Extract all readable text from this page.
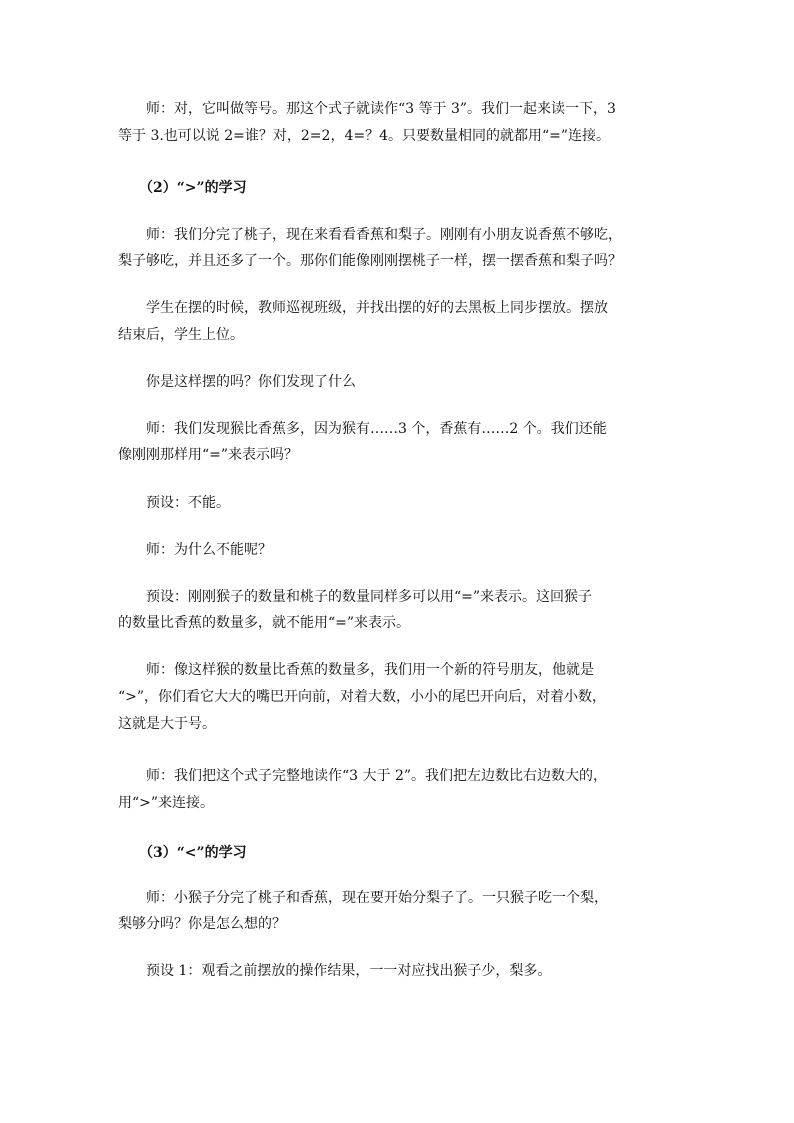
　　师：对，它叫做等号。那这个式子就读作“3 等于 3”。我们一起来读一下，3
等于 3.也可以说 2=谁？对，2=2，4=？4。只要数量相同的就都用“=”连接。

　　（2）“>”的学习

　　师：我们分完了桃子，现在来看看香蕉和梨子。刚刚有小朋友说香蕉不够吃，
梨子够吃，并且还多了一个。那你们能像刚刚摆桃子一样，摆一摆香蕉和梨子吗？

　　学生在摆的时候，教师巡视班级，并找出摆的好的去黑板上同步摆放。摆放
结束后，学生上位。

　　你是这样摆的吗？你们发现了什么

　　师：我们发现猴比香蕉多，因为猴有……3 个，香蕉有……2 个。我们还能
像刚刚那样用“=”来表示吗？

　　预设：不能。

　　师：为什么不能呢？

　　预设：刚刚猴子的数量和桃子的数量同样多可以用“=”来表示。这回猴子
的数量比香蕉的数量多，就不能用“=”来表示。

　　师：像这样猴的数量比香蕉的数量多，我们用一个新的符号朋友，他就是
“>”，你们看它大大的嘴巴开向前，对着大数，小小的尾巴开向后，对着小数，
这就是大于号。

　　师：我们把这个式子完整地读作“3 大于 2”。我们把左边数比右边数大的，
用“>”来连接。

　　（3）“<”的学习

　　师：小猴子分完了桃子和香蕉，现在要开始分梨子了。一只猴子吃一个梨，
梨够分吗？你是怎么想的？

　　预设 1：观看之前摆放的操作结果，一一对应找出猴子少，梨多。
